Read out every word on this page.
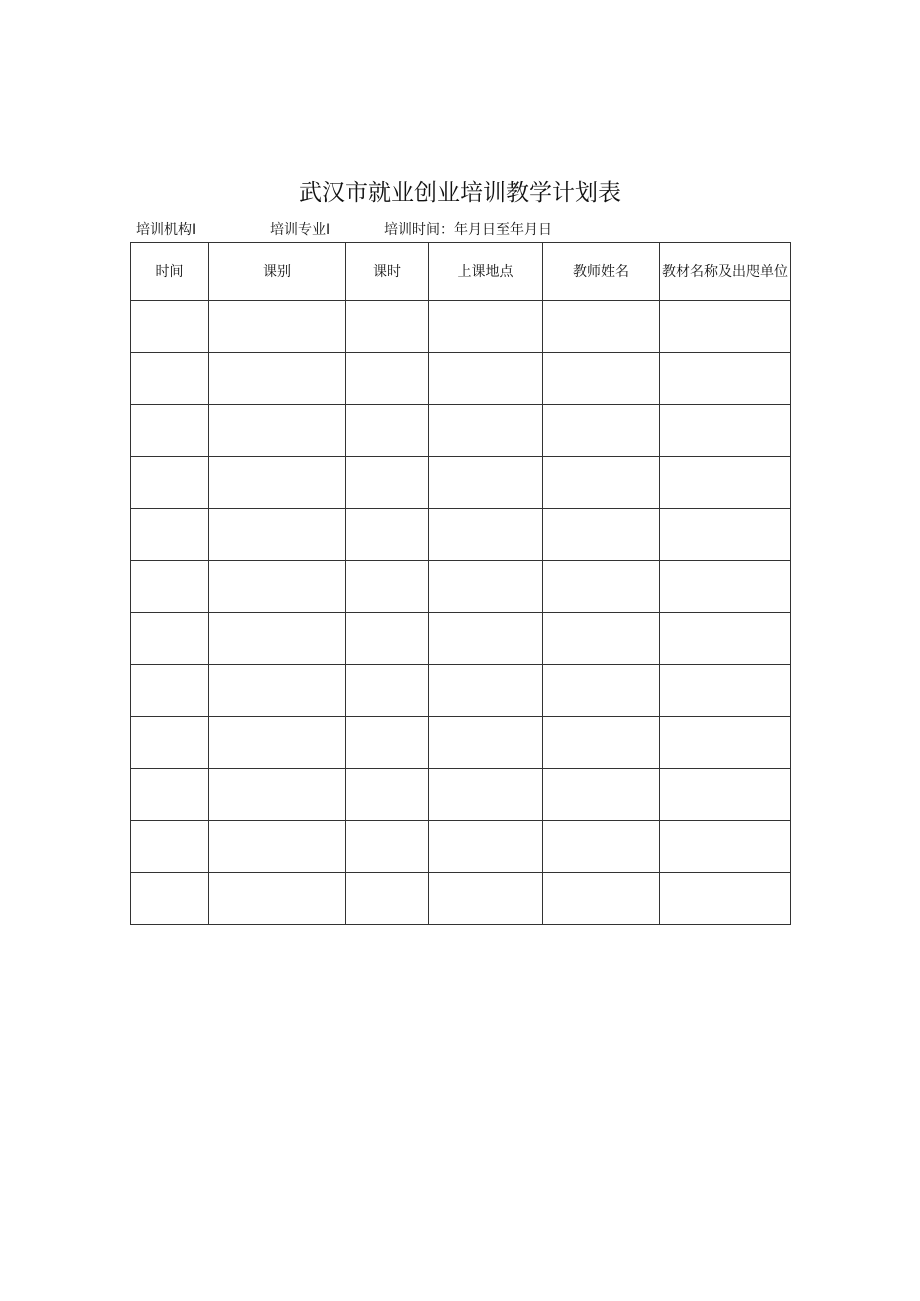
武汉市就业创业培训教学计划表
培训机构I	培训专业I	培训时间：年月日至年月日
时间	课别	课时	上课地点	教师姓名	教材名称及出咫单位
